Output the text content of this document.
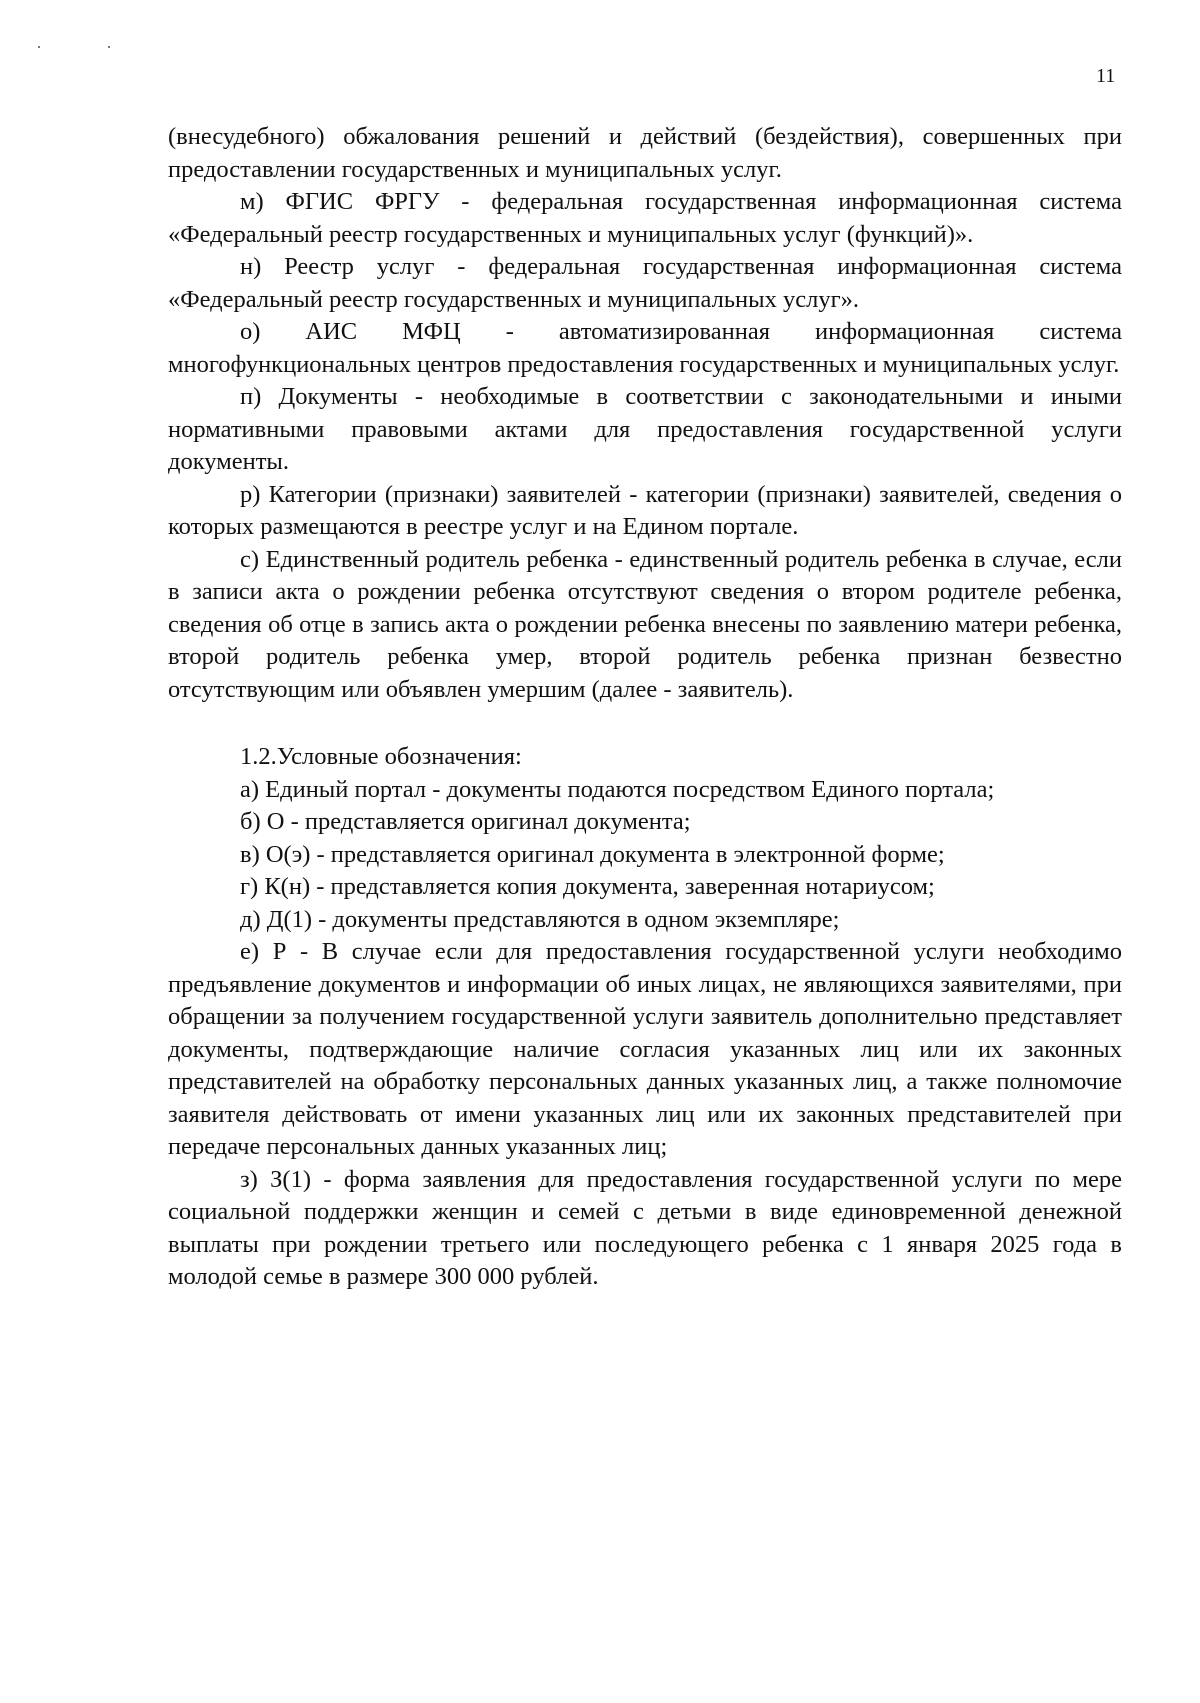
11

(внесудебного) обжалования решений и действий (бездействия), совершенных при предоставлении государственных и муниципальных услуг.

м) ФГИС ФРГУ - федеральная государственная информационная система «Федеральный реестр государственных и муниципальных услуг (функций)».

н) Реестр услуг - федеральная государственная информационная система «Федеральный реестр государственных и муниципальных услуг».

о) АИС МФЦ - автоматизированная информационная система многофункциональных центров предоставления государственных и муниципальных услуг.

п) Документы - необходимые в соответствии с законодательными и иными нормативными правовыми актами для предоставления государственной услуги документы.

р) Категории (признаки) заявителей - категории (признаки) заявителей, сведения о которых размещаются в реестре услуг и на Едином портале.

с) Единственный родитель ребенка - единственный родитель ребенка в случае, если в записи акта о рождении ребенка отсутствуют сведения о втором родителе ребенка, сведения об отце в запись акта о рождении ребенка внесены по заявлению матери ребенка, второй родитель ребенка умер, второй родитель ребенка признан безвестно отсутствующим или объявлен умершим (далее - заявитель).

1.2.Условные обозначения:

а) Единый портал - документы подаются посредством Единого портала;

б) О - представляется оригинал документа;

в) О(э) - представляется оригинал документа в электронной форме;

г) К(н) - представляется копия документа, заверенная нотариусом;

д) Д(1) - документы представляются в одном экземпляре;

е) Р - В случае если для предоставления государственной услуги необходимо предъявление документов и информации об иных лицах, не являющихся заявителями, при обращении за получением государственной услуги заявитель дополнительно представляет документы, подтверждающие наличие согласия указанных лиц или их законных представителей на обработку персональных данных указанных лиц, а также полномочие заявителя действовать от имени указанных лиц или их законных представителей при передаче персональных данных указанных лиц;

з) З(1) - форма заявления для предоставления государственной услуги по мере социальной поддержки женщин и семей с детьми в виде единовременной денежной выплаты при рождении третьего или последующего ребенка с 1 января 2025 года в молодой семье в размере 300 000 рублей.
